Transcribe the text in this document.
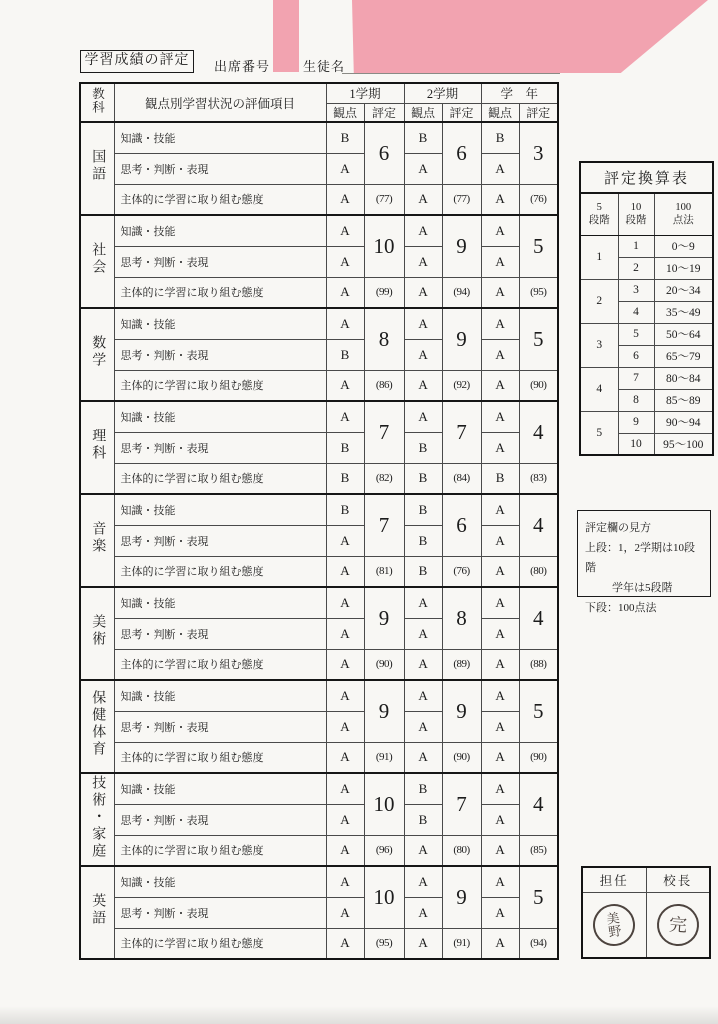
学習成績の評定	出席番号	生徒名
教科	観点別学習状況の評価項目	1学期		2学期		学　年	
		観点	評定	観点	評定	観点	評定
国語	知識・技能	B	6	B	6	B	3
	思考・判断・表現	A		A		A	
	主体的に学習に取り組む態度	A	(77)	A	(77)	A	(76)
社会	知識・技能	A	10	A	9	A	5
	思考・判断・表現	A		A		A	
	主体的に学習に取り組む態度	A	(99)	A	(94)	A	(95)
数学	知識・技能	A	8	A	9	A	5
	思考・判断・表現	B		A		A	
	主体的に学習に取り組む態度	A	(86)	A	(92)	A	(90)
理科	知識・技能	A	7	A	7	A	4
	思考・判断・表現	B		B		A	
	主体的に学習に取り組む態度	B	(82)	B	(84)	B	(83)
音楽	知識・技能	B	7	B	6	A	4
	思考・判断・表現	A		B		A	
	主体的に学習に取り組む態度	A	(81)	B	(76)	A	(80)
美術	知識・技能	A	9	A	8	A	4
	思考・判断・表現	A		A		A	
	主体的に学習に取り組む態度	A	(90)	A	(89)	A	(88)
保健体育	知識・技能	A	9	A	9	A	5
	思考・判断・表現	A		A		A	
	主体的に学習に取り組む態度	A	(91)	A	(90)	A	(90)
技術・家庭	知識・技能	A	10	B	7	A	4
	思考・判断・表現	A		B		A	
	主体的に学習に取り組む態度	A	(96)	A	(80)	A	(85)
英語	知識・技能	A	10	A	9	A	5
	思考・判断・表現	A		A		A	
	主体的に学習に取り組む態度	A	(95)	A	(91)	A	(94)
評定換算表		

5
段階

10
段階

100
点法

1	1	0～9
	2	10～19
2	3	20～34
	4	35～49
3	5	50～64
	6	65～79
4	7	80～84
	8	85～89
5	9	90～94
	10	95～100
評定欄の見方
上段：1，2学期は10段階
学年は5段階
下段：100点法
担任	校長

美
野	完
